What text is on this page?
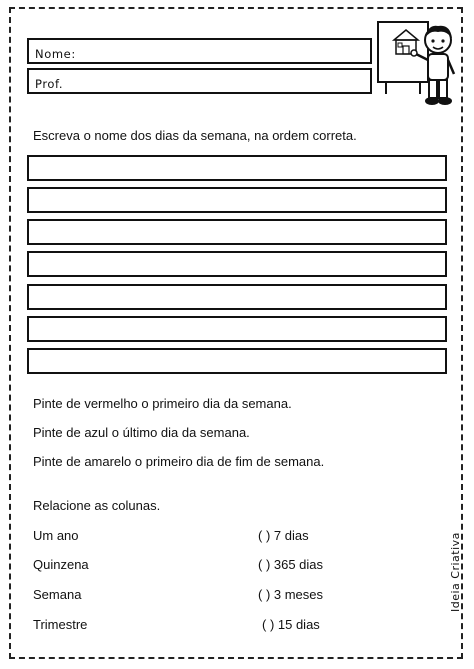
Nome:
Prof.
Escreva o nome dos dias da semana, na ordem correta.
Pinte de vermelho o primeiro dia da semana.
Pinte de azul o último dia da semana.
Pinte de amarelo o primeiro dia de fim de semana.
Relacione as colunas.
Um ano
Quinzena
Semana
Trimestre
( ) 7 dias
( ) 365 dias
( ) 3 meses
( ) 15 dias
Ideia Criativa
